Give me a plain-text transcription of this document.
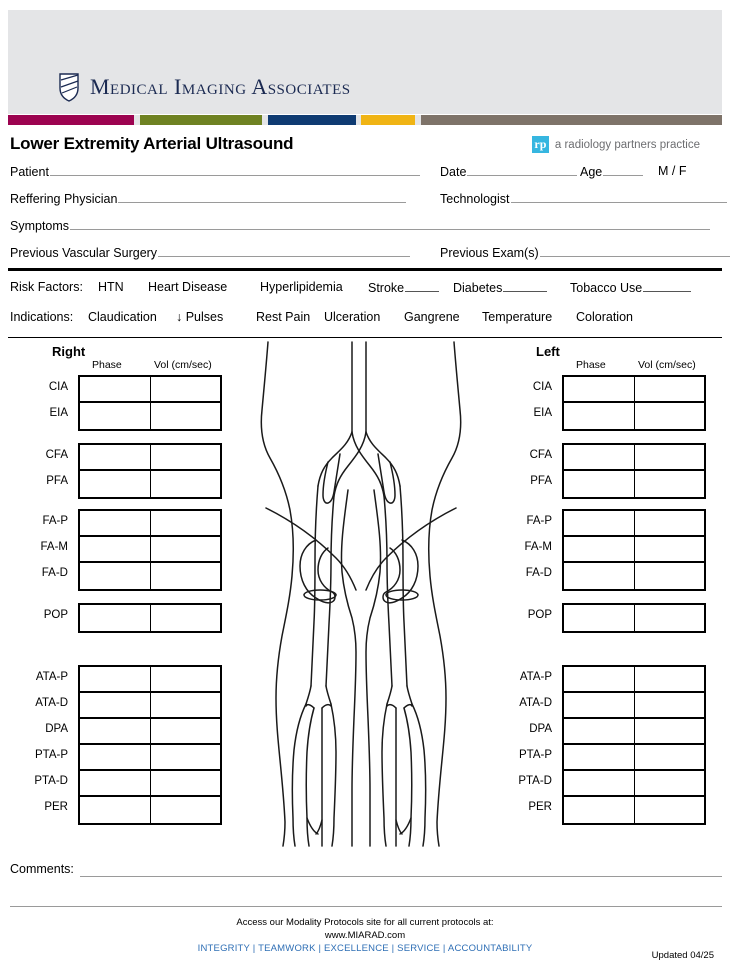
Medical Imaging Associates
Lower Extremity Arterial Ultrasound	rp a radiology partners practice
Patient	Date	Age	M / F
Reffering Physician	Technologist
Symptoms
Previous Vascular Surgery	Previous Exam(s)
Risk Factors: HTN Heart Disease	Hyperlipidemia Stroke	Diabetes	Tobacco Use
Indications: Claudication ↓ Pulses	Rest Pain Ulceration Gangrene Temperature Coloration
Right
Phase	Vol (cm/sec)
CIA
EIA
CFA
PFA
FA-P
FA-M
FA-D
POP
ATA-P
ATA-D
DPA
PTA-P
PTA-D
PER
Left
Phase	Vol (cm/sec)
CIA
EIA
CFA
PFA
FA-P
FA-M
FA-D
POP
ATA-P
ATA-D
DPA
PTA-P
PTA-D
PER
Comments:
Access our Modality Protocols site for all current protocols at:
www.MIARAD.com
INTEGRITY | TEAMWORK | EXCELLENCE | SERVICE | ACCOUNTABILITY
Updated 04/25
